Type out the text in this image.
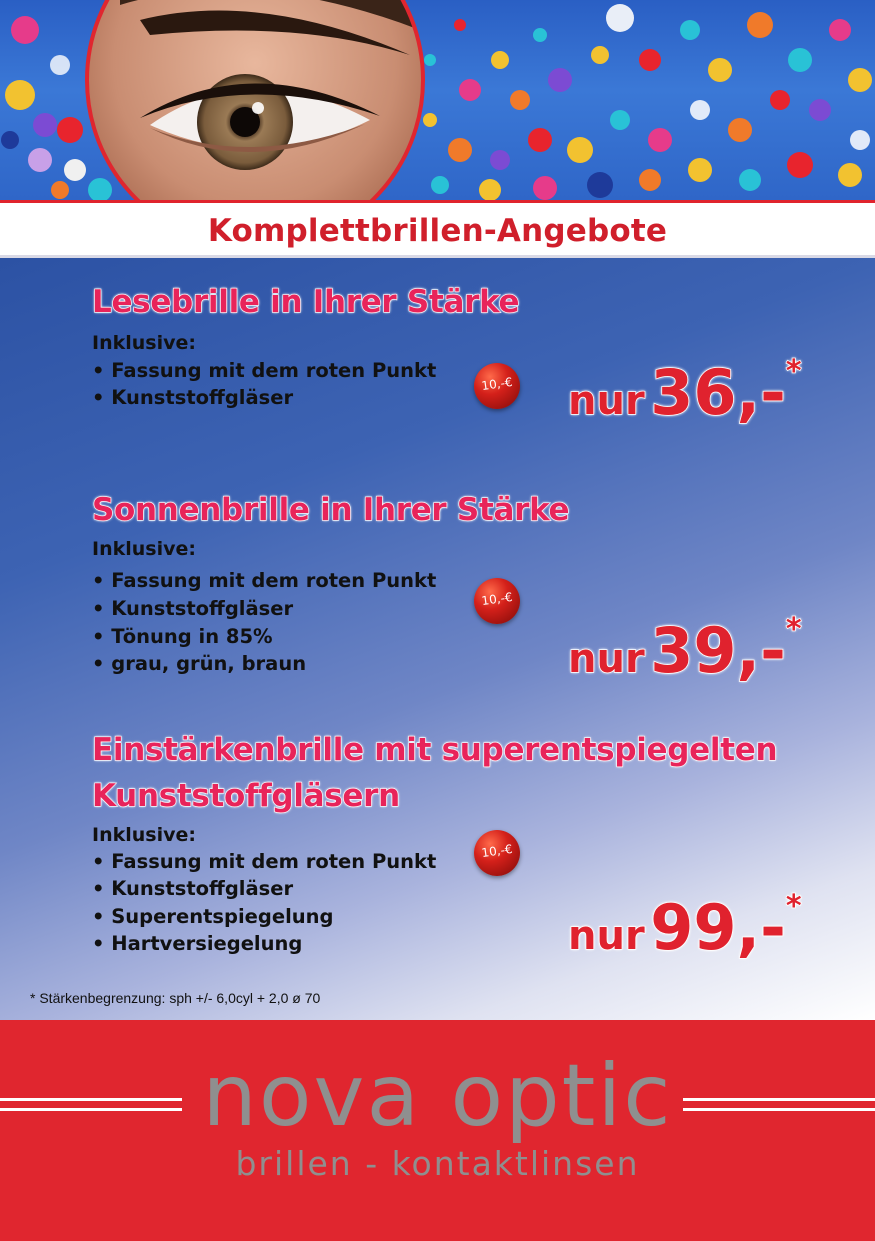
Komplettbrillen-Angebote
Lesebrille in Ihrer Stärke
Inklusive:
• Fassung mit dem roten Punkt
• Kunststoffgläser
10,-€ nur 36,-*
Sonnenbrille in Ihrer Stärke
Inklusive:
• Fassung mit dem roten Punkt
• Kunststoffgläser
• Tönung in 85%
• grau, grün, braun
10,-€
nur 39,-*
Einstärkenbrille mit superentspiegelten
Kunststoffgläsern
Inklusive:
• Fassung mit dem roten Punkt
• Kunststoffgläser
• Superentspiegelung
• Hartversiegelung
10,-€
nur 99,-*
* Stärkenbegrenzung: sph +/- 6,0cyl + 2,0 ø 70
nova optic
brillen - kontaktlinsen
